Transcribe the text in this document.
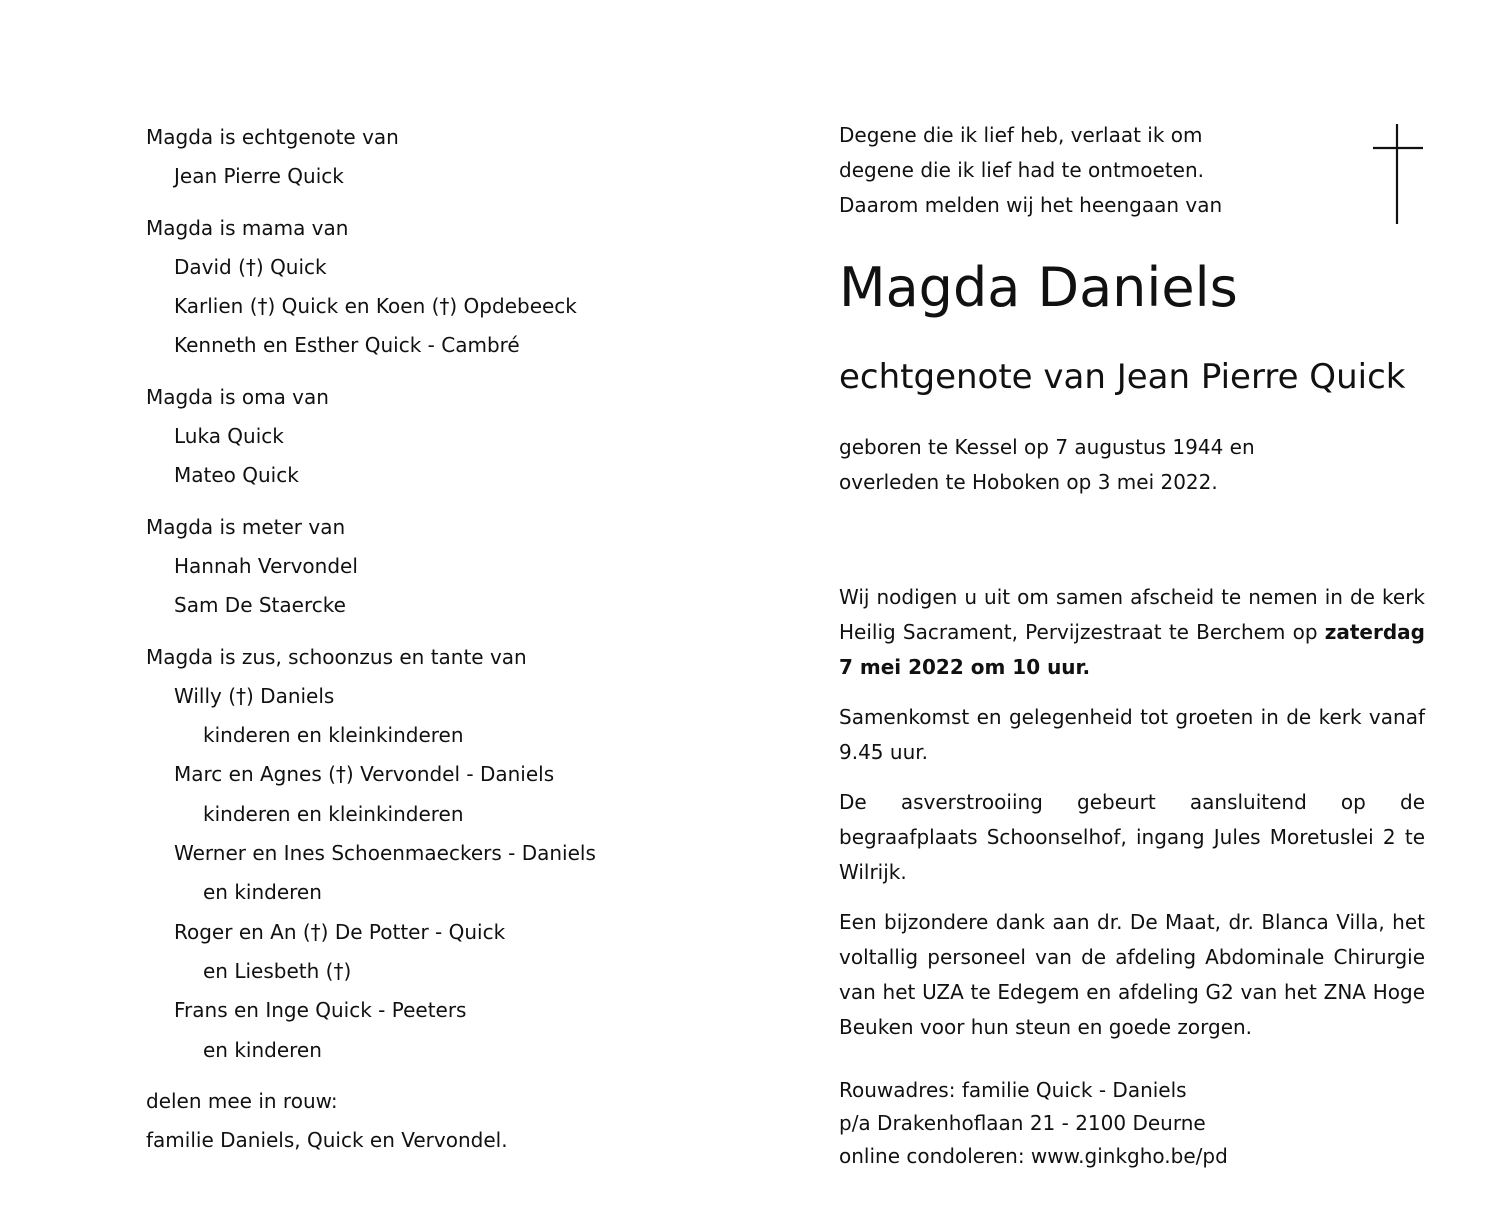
Magda is echtgenote van
Jean Pierre Quick
Magda is mama van
David (†) Quick
Karlien (†) Quick en Koen (†) Opdebeeck
Kenneth en Esther Quick - Cambré
Magda is oma van
Luka Quick
Mateo Quick
Magda is meter van
Hannah Vervondel
Sam De Staercke
Magda is zus, schoonzus en tante van
Willy (†) Daniels
kinderen en kleinkinderen
Marc en Agnes (†) Vervondel - Daniels
kinderen en kleinkinderen
Werner en Ines Schoenmaeckers - Daniels
en kinderen
Roger en An (†) De Potter - Quick
en Liesbeth (†)
Frans en Inge Quick - Peeters
en kinderen
delen mee in rouw:
familie Daniels, Quick en Vervondel.
Degene die ik lief heb, verlaat ik om
degene die ik lief had te ontmoeten.
Daarom melden wij het heengaan van
Magda Daniels
echtgenote van Jean Pierre Quick
geboren te Kessel op 7 augustus 1944 en
overleden te Hoboken op 3 mei 2022.

Wij nodigen u uit om samen afscheid te nemen in de kerk Heilig Sacrament, Pervijzestraat te Berchem op zaterdag 7 mei 2022 om 10 uur.

Samenkomst en gelegenheid tot groeten in de kerk vanaf 9.45 uur.

De asverstrooiing gebeurt aansluitend op de begraafplaats Schoonselhof, ingang Jules Moretuslei 2 te Wilrijk.

Een bijzondere dank aan dr. De Maat, dr. Blanca Villa, het voltallig personeel van de afdeling Abdominale Chirurgie van het UZA te Edegem en afdeling G2 van het ZNA Hoge Beuken voor hun steun en goede zorgen.

Rouwadres: familie Quick - Daniels
p/a Drakenhoflaan 21 - 2100 Deurne
online condoleren: www.ginkgho.be/pd
